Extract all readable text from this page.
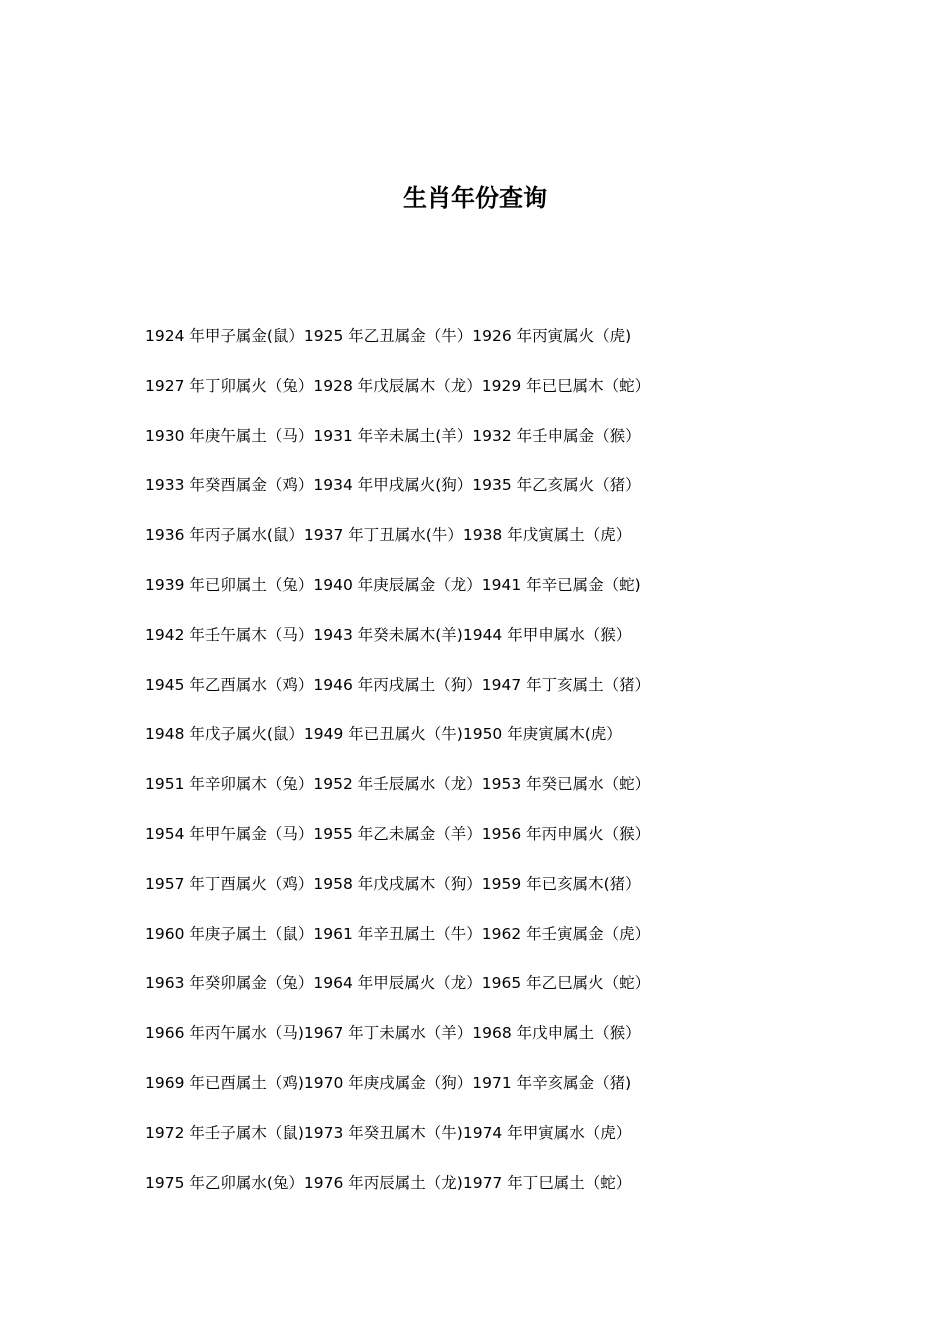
生肖年份查询
1924 年甲子属金(鼠）1925 年乙丑属金（牛）1926 年丙寅属火（虎)
1927 年丁卯属火（兔）1928 年戊辰属木（龙）1929 年已巳属木（蛇）
1930 年庚午属土（马）1931 年辛未属土(羊）1932 年壬申属金（猴）
1933 年癸酉属金（鸡）1934 年甲戌属火(狗）1935 年乙亥属火（猪）
1936 年丙子属水(鼠）1937 年丁丑属水(牛）1938 年戊寅属土（虎）
1939 年已卯属土（兔）1940 年庚辰属金（龙）1941 年辛已属金（蛇)
1942 年壬午属木（马）1943 年癸未属木(羊)1944 年甲申属水（猴）
1945 年乙酉属水（鸡）1946 年丙戌属土（狗）1947 年丁亥属土（猪）
1948 年戊子属火(鼠）1949 年已丑属火（牛)1950 年庚寅属木(虎）
1951 年辛卯属木（兔）1952 年壬辰属水（龙）1953 年癸已属水（蛇）
1954 年甲午属金（马）1955 年乙未属金（羊）1956 年丙申属火（猴）
1957 年丁酉属火（鸡）1958 年戊戌属木（狗）1959 年已亥属木(猪）
1960 年庚子属土（鼠）1961 年辛丑属土（牛）1962 年壬寅属金（虎）
1963 年癸卯属金（兔）1964 年甲辰属火（龙）1965 年乙巳属火（蛇）
1966 年丙午属水（马)1967 年丁未属水（羊）1968 年戊申属土（猴）
1969 年已酉属土（鸡)1970 年庚戌属金（狗）1971 年辛亥属金（猪)
1972 年壬子属木（鼠)1973 年癸丑属木（牛)1974 年甲寅属水（虎）
1975 年乙卯属水(兔）1976 年丙辰属土（龙)1977 年丁巳属土（蛇）
